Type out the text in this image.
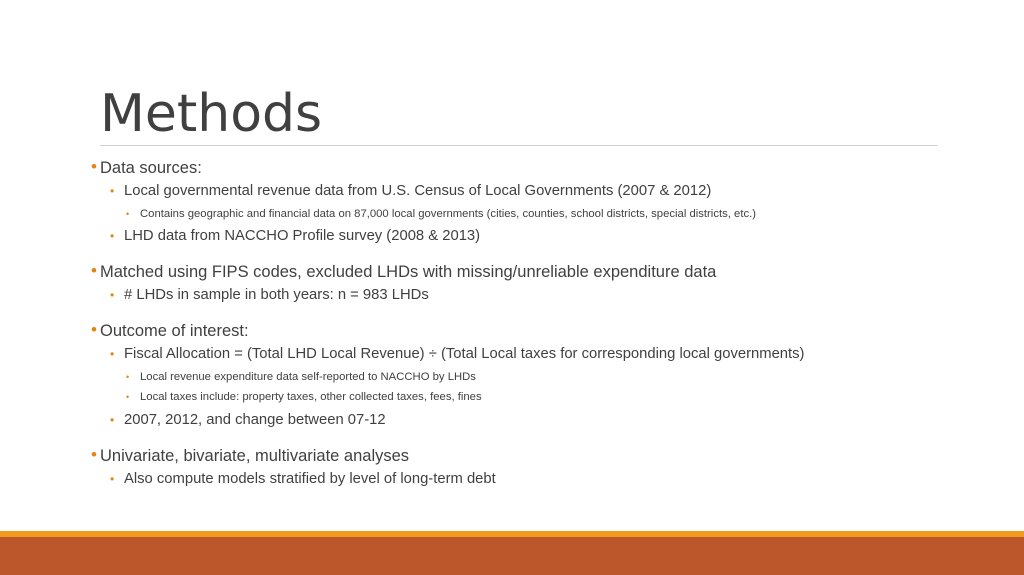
Methods
• Data sources:
• Local governmental revenue data from U.S. Census of Local Governments (2007 & 2012)
• Contains geographic and financial data on 87,000 local governments (cities, counties, school districts, special districts, etc.)
• LHD data from NACCHO Profile survey (2008 & 2013)
• Matched using FIPS codes, excluded LHDs with missing/unreliable expenditure data
• # LHDs in sample in both years: n = 983 LHDs
• Outcome of interest:
• Fiscal Allocation = (Total LHD Local Revenue) ÷ (Total Local taxes for corresponding local governments)
• Local revenue expenditure data self-reported to NACCHO by LHDs
• Local taxes include: property taxes, other collected taxes, fees, fines
• 2007, 2012, and change between 07-12
• Univariate, bivariate, multivariate analyses
• Also compute models stratified by level of long-term debt
